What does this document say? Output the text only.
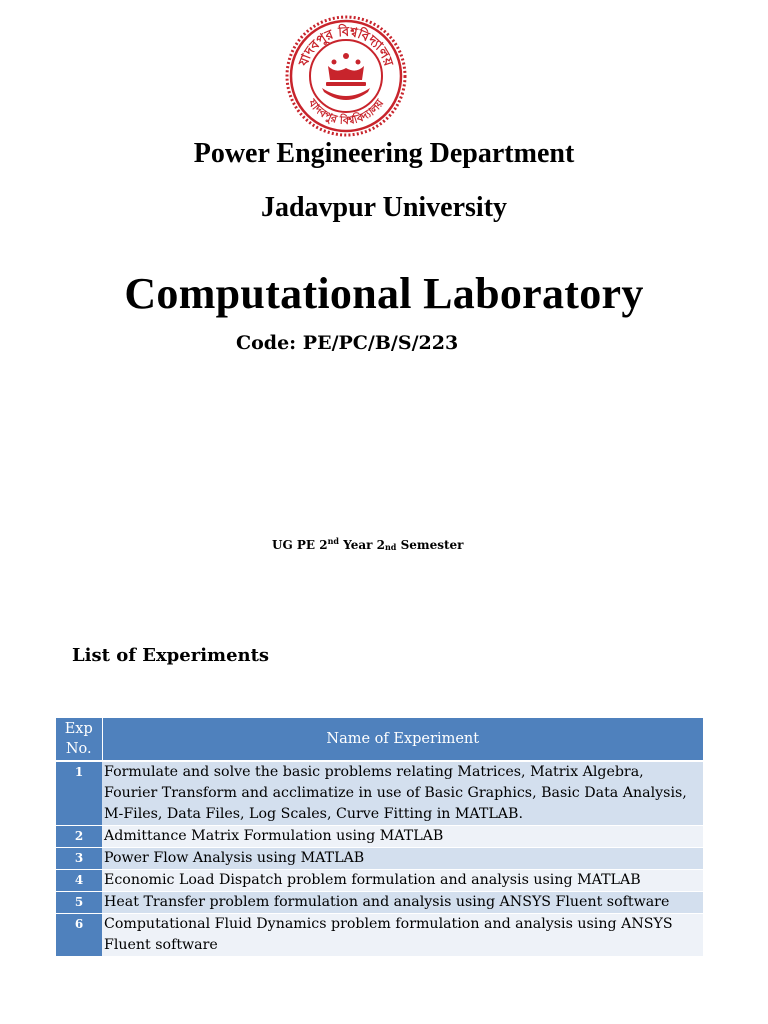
যাদবপুর বিশ্ববিদ্যালয়
যাদবপুর বিশ্ববিদ্যালয়
Power Engineering Department
Jadavpur University
Computational Laboratory

Code: PE/PC/B/S/223

UG PE 2nd Year $2_{nd}$ Semester

List of Experiments

Exp
No.	Name of Experiment
1	Formulate and solve the basic problems relating Matrices, Matrix Algebra, Fourier Transform and acclimatize in use of Basic Graphics, Basic Data Analysis, M-Files, Data Files, Log Scales, Curve Fitting in MATLAB.
2	Admittance Matrix Formulation using MATLAB
3	Power Flow Analysis using MATLAB
4	Economic Load Dispatch problem formulation and analysis using MATLAB
5	Heat Transfer problem formulation and analysis using ANSYS Fluent software
6	Computational Fluid Dynamics problem formulation and analysis using ANSYS Fluent software
